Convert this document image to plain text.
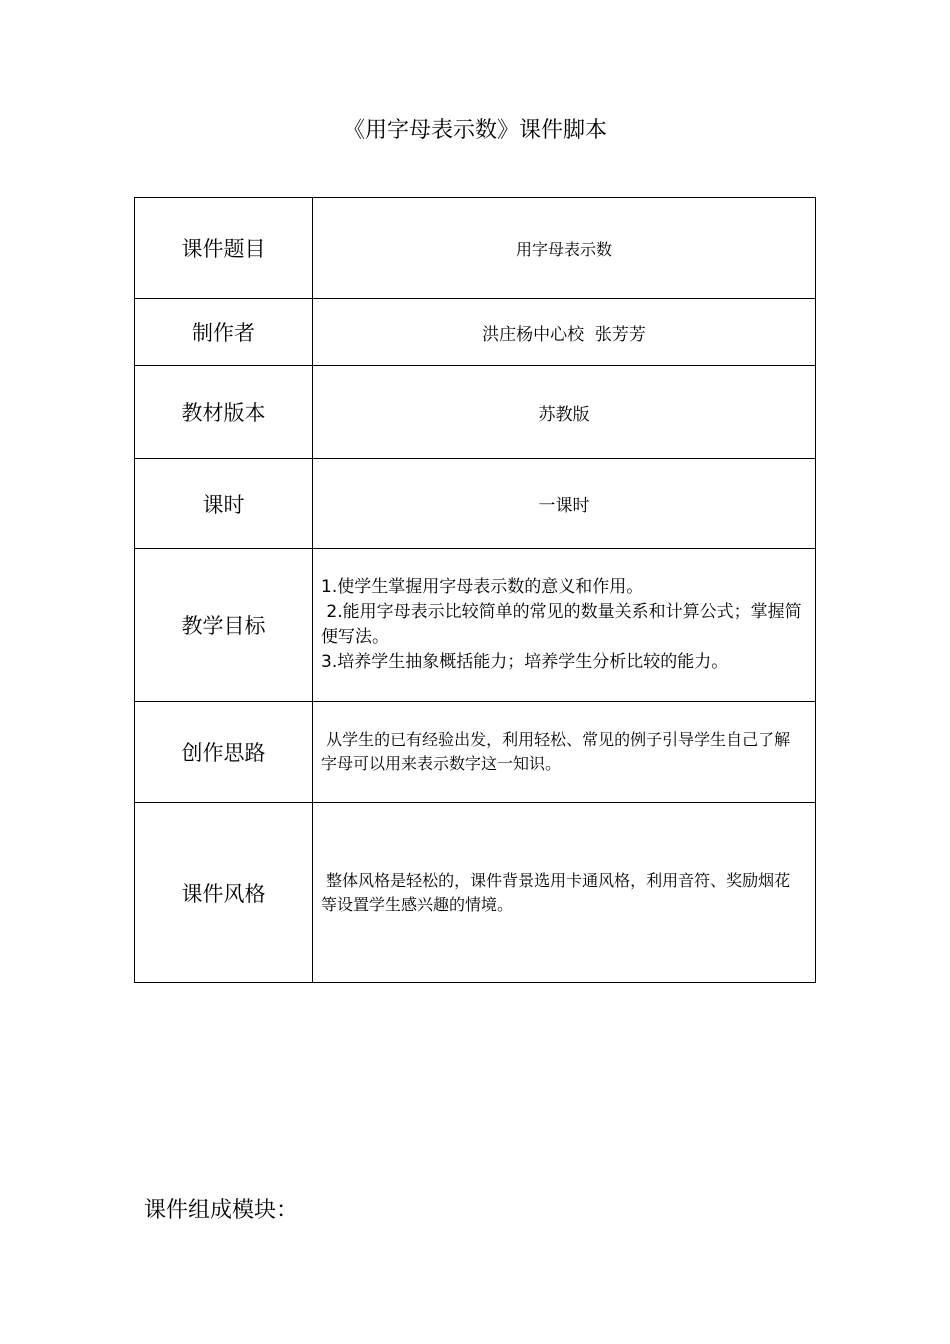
《用字母表示数》课件脚本
课件题目	用字母表示数
制作者	洪庄杨中心校  张芳芳
教材版本	苏教版
课时	一课时
教学目标	1.使学生掌握用字母表示数的意义和作用。
2.能用字母表示比较简单的常见的数量关系和计算公式；掌握简便写法。
3.培养学生抽象概括能力；培养学生分析比较的能力。

创作思路	从学生的已有经验出发，利用轻松、常见的例子引导学生自己了解字母可以用来表示数字这一知识。
课件风格	整体风格是轻松的，课件背景选用卡通风格，利用音符、奖励烟花等设置学生感兴趣的情境。
课件组成模块：
